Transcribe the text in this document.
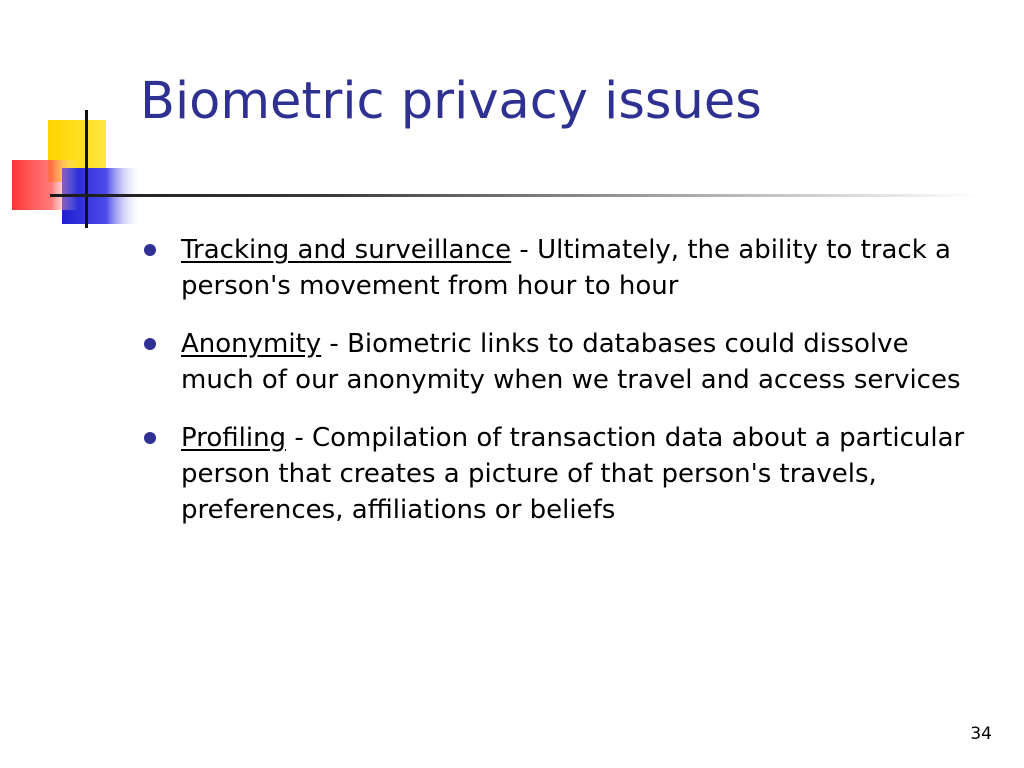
Biometric privacy issues
Tracking and surveillance - Ultimately, the ability to track a person's movement from hour to hour
Anonymity - Biometric links to databases could dissolve much of our anonymity when we travel and access services
Profiling - Compilation of transaction data about a particular person that creates a picture of that person's travels, preferences, affiliations or beliefs
34
